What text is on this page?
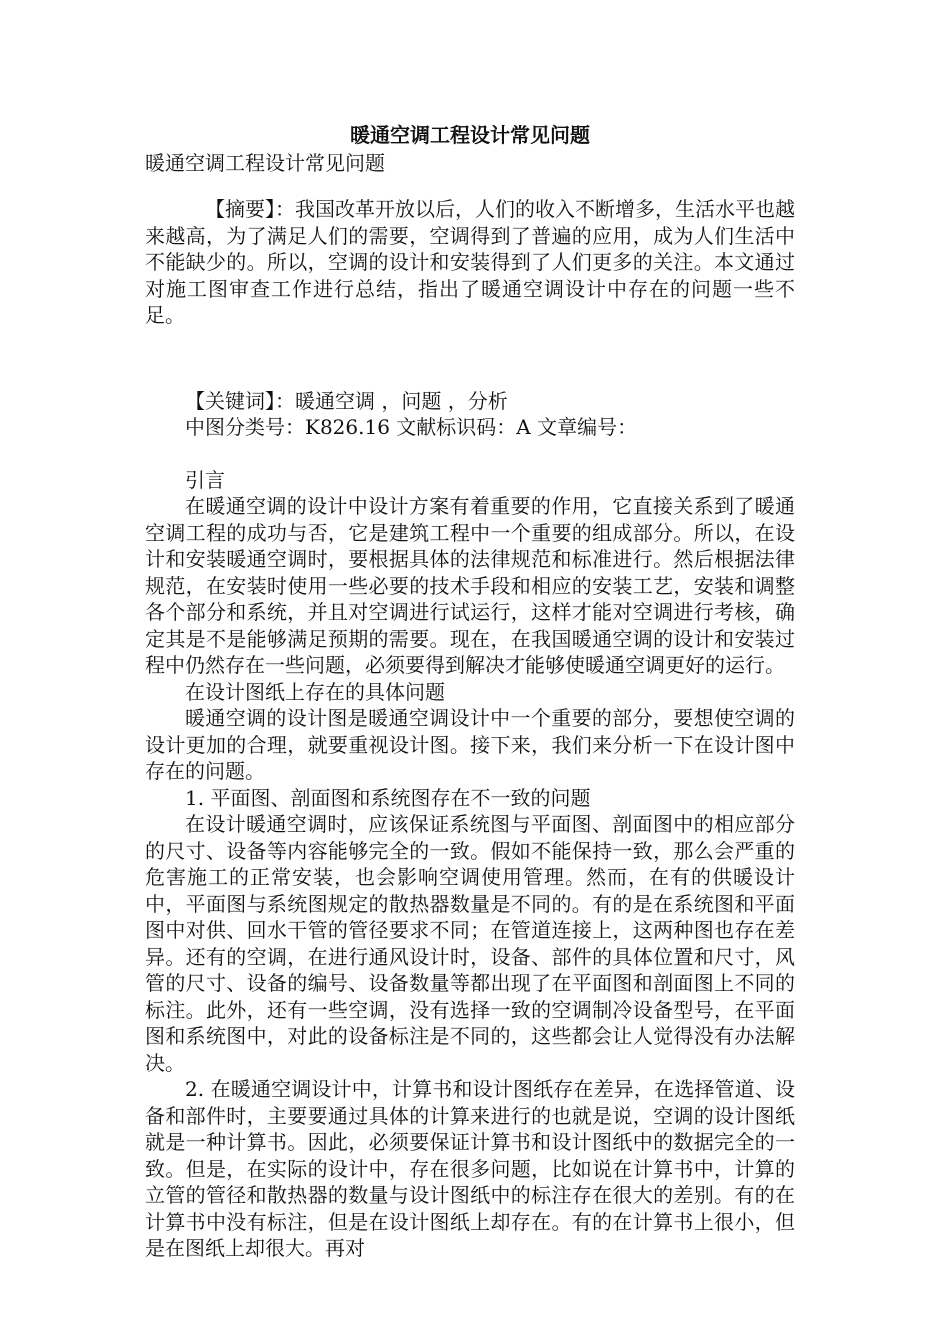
暖通空调工程设计常见问题
暖通空调工程设计常见问题

【摘要】：我国改革开放以后，人们的收入不断增多，生活水平也越来越高，为了满足人们的需要，空调得到了普遍的应用，成为人们生活中不能缺少的。所以，空调的设计和安装得到了人们更多的关注。本文通过对施工图审查工作进行总结，指出了暖通空调设计中存在的问题一些不足。

【关键词】：暖通空调 ，问题 ，分析

中图分类号：K826.16 文献标识码：A 文章编号：

引言

在暖通空调的设计中设计方案有着重要的作用，它直接关系到了暖通空调工程的成功与否，它是建筑工程中一个重要的组成部分。所以，在设计和安装暖通空调时，要根据具体的法律规范和标准进行。然后根据法律规范，在安装时使用一些必要的技术手段和相应的安装工艺，安装和调整各个部分和系统，并且对空调进行试运行，这样才能对空调进行考核，确定其是不是能够满足预期的需要。现在，在我国暖通空调的设计和安装过程中仍然存在一些问题，必须要得到解决才能够使暖通空调更好的运行。

在设计图纸上存在的具体问题

暖通空调的设计图是暖通空调设计中一个重要的部分，要想使空调的设计更加的合理，就要重视设计图。接下来，我们来分析一下在设计图中存在的问题。

1. 平面图、剖面图和系统图存在不一致的问题

在设计暖通空调时，应该保证系统图与平面图、剖面图中的相应部分的尺寸、设备等内容能够完全的一致。假如不能保持一致，那么会严重的危害施工的正常安装，也会影响空调使用管理。然而，在有的供暖设计中，平面图与系统图规定的散热器数量是不同的。有的是在系统图和平面图中对供、回水干管的管径要求不同；在管道连接上，这两种图也存在差异。还有的空调，在进行通风设计时，设备、部件的具体位置和尺寸，风管的尺寸、设备的编号、设备数量等都出现了在平面图和剖面图上不同的标注。此外，还有一些空调，没有选择一致的空调制冷设备型号，在平面图和系统图中，对此的设备标注是不同的，这些都会让人觉得没有办法解决。

2. 在暖通空调设计中，计算书和设计图纸存在差异，在选择管道、设备和部件时，主要要通过具体的计算来进行的也就是说，空调的设计图纸就是一种计算书。因此，必须要保证计算书和设计图纸中的数据完全的一致。但是，在实际的设计中，存在很多问题，比如说在计算书中，计算的立管的管径和散热器的数量与设计图纸中的标注存在很大的差别。有的在计算书中没有标注，但是在设计图纸上却存在。有的在计算书上很小，但是在图纸上却很大。再对
